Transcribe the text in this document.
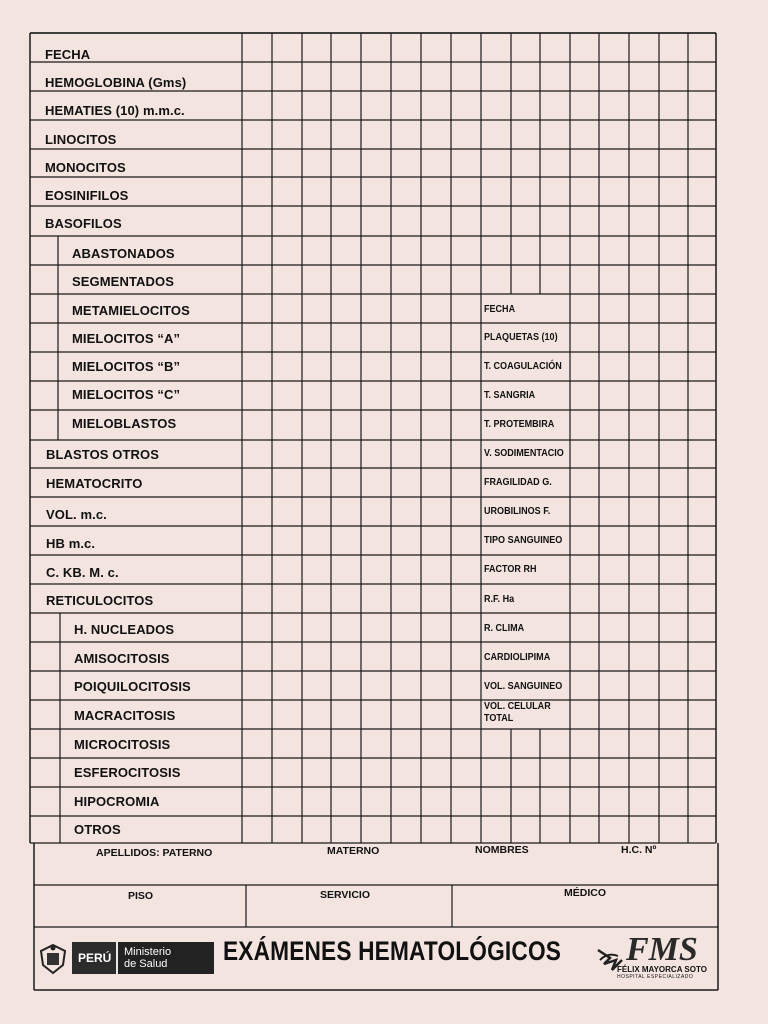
FECHA
HEMOGLOBINA (Gms)
HEMATIES (10) m.m.c.
LINOCITOS
MONOCITOS
EOSINIFILOS
BASOFILOS
ABASTONADOS
SEGMENTADOS
METAMIELOCITOS
MIELOCITOS “A”
MIELOCITOS “B”
MIELOCITOS “C”
MIELOBLASTOS
BLASTOS OTROS
HEMATOCRITO
VOL. m.c.
HB m.c.
C. KB. M. c.
RETICULOCITOS
H. NUCLEADOS
AMISOCITOSIS
POIQUILOCITOSIS
MACRACITOSIS
MICROCITOSIS
ESFEROCITOSIS
HIPOCROMIA
OTROS
FECHA
PLAQUETAS (10)
T. COAGULACIÓN
T. SANGRIA
T. PROTEMBIRA
V. SODIMENTACIO
FRAGILIDAD G.
UROBILINOS F.
TIPO SANGUINEO
FACTOR RH
R.F. Ha
R. CLIMA
CARDIOLIPIMA
VOL. SANGUINEO
VOL. CELULAR
TOTAL
APELLIDOS: PATERNO	MATERNO	NOMBRES	H.C. Nº
PISO	SERVICIO	MÉDICO
PERÚ Ministerio
de Salud EXÁMENES HEMATOLÓGICOS FMS
FÉLIX MAYORCA SOTO
HOSPITAL ESPECIALIZADO
